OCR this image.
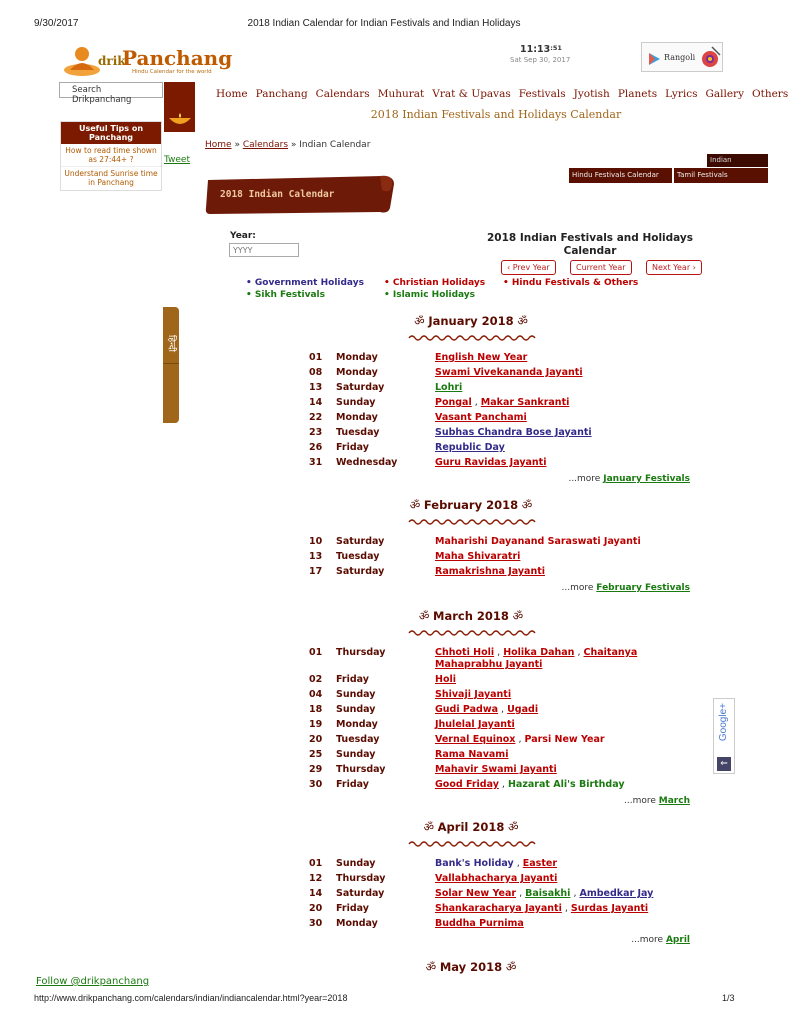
9/30/2017	2018 Indian Calendar for Indian Festivals and Indian Holidays
drik
Panchang
Hindu Calendar for the world
$11:13^{:51}$
Sat Sep 30, 2017	Rangoli
Search Drikpanchang	Home Panchang Calendars Muhurat Vrat & Upavas Festivals Jyotish Planets Lyrics Gallery Others
2018 Indian Festivals and Holidays Calendar
Useful Tips on Panchang
How to read time shown as 27:44+ ?
Understand Sunrise time in Panchang
Tweet
Home » Calendars » Indian Calendar
Indian
Hindu Festivals Calendar	Tamil Festivals
2018 Indian Calendar
Year:
YYYY	2018 Indian Festivals and Holidays Calendar
‹ Prev Year	Current Year	Next Year ›
• Government Holidays • Christian Holidays • Hindu Festivals & Others
• Sikh Festivals	• Islamic Holidays
हिन्दी
Google+
⇐
ॐ January 2018 ॐ
01 Monday	English New Year
08 Monday	Swami Vivekananda Jayanti
13 Saturday	Lohri
14 Sunday	Pongal , Makar Sankranti
22 Monday	Vasant Panchami
23 Tuesday	Subhas Chandra Bose Jayanti
26 Friday	Republic Day
31 Wednesday	Guru Ravidas Jayanti
...more January Festivals
ॐ February 2018 ॐ
10 Saturday	Maharishi Dayanand Saraswati Jayanti
13 Tuesday	Maha Shivaratri
17 Saturday	Ramakrishna Jayanti
...more February Festivals
ॐ March 2018 ॐ
01 Thursday	Chhoti Holi , Holika Dahan , Chaitanya Mahaprabhu Jayanti
02 Friday	Holi
04 Sunday	Shivaji Jayanti
18 Sunday	Gudi Padwa , Ugadi
19 Monday	Jhulelal Jayanti
20 Tuesday	Vernal Equinox , Parsi New Year
25 Sunday	Rama Navami
29 Thursday	Mahavir Swami Jayanti
30 Friday	Good Friday , Hazarat Ali's Birthday
...more March
ॐ April 2018 ॐ
01 Sunday	Bank's Holiday , Easter
12 Thursday	Vallabhacharya Jayanti
14 Saturday	Solar New Year , Baisakhi , Ambedkar Jay
20 Friday	Shankaracharya Jayanti , Surdas Jayanti
30 Monday	Buddha Purnima
...more April
ॐ May 2018 ॐ
Follow @drikpanchang
http://www.drikpanchang.com/calendars/indian/indiancalendar.html?year=2018	1/3
